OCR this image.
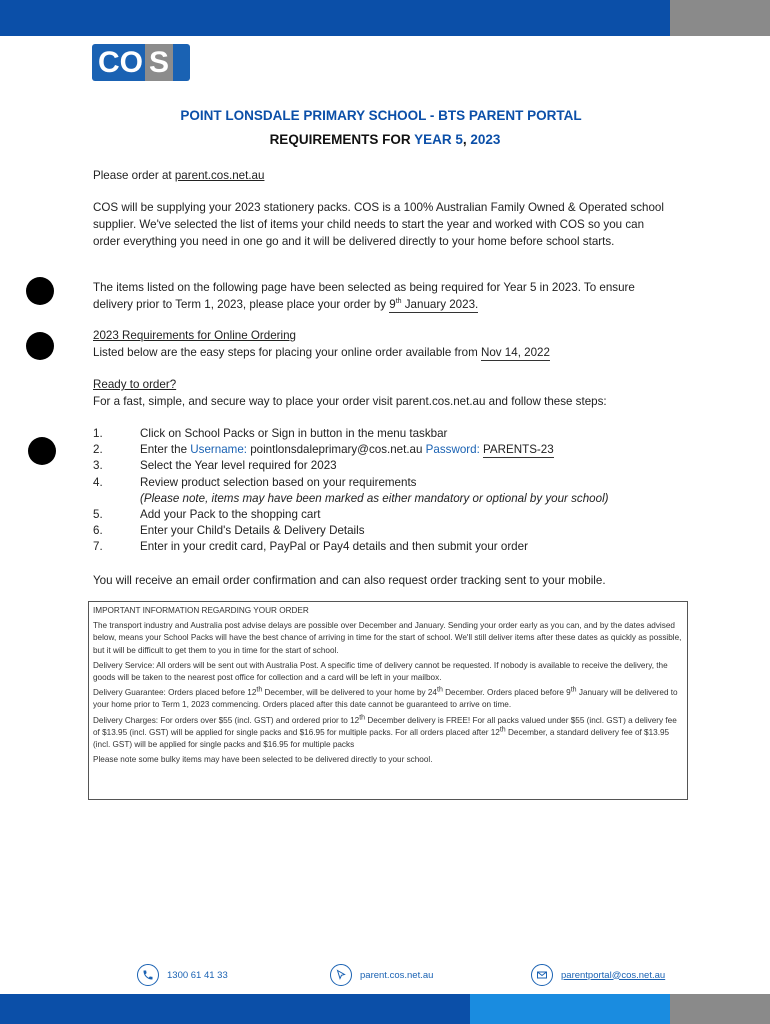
CO S
POINT LONSDALE PRIMARY SCHOOL - BTS PARENT PORTAL
REQUIREMENTS FOR YEAR 5, 2023
Please order at parent.cos.net.au
COS will be supplying your 2023 stationery packs. COS is a 100% Australian Family Owned & Operated school supplier. We've selected the list of items your child needs to start the year and worked with COS so you can order everything you need in one go and it will be delivered directly to your home before school starts.
The items listed on the following page have been selected as being required for Year 5 in 2023. To ensure delivery prior to Term 1, 2023, please place your order by 9th January 2023.
2023 Requirements for Online Ordering
Listed below are the easy steps for placing your online order available from Nov 14, 2022
Ready to order?
For a fast, simple, and secure way to place your order visit parent.cos.net.au and follow these steps:
1.	Click on School Packs or Sign in button in the menu taskbar
2.	Enter the Username: pointlonsdaleprimary@cos.net.au Password: PARENTS-23
3.	Select the Year level required for 2023
4.	Review product selection based on your requirements
(Please note, items may have been marked as either mandatory or optional by your school)
5.	Add your Pack to the shopping cart
6.	Enter your Child's Details & Delivery Details
7.	Enter in your credit card, PayPal or Pay4 details and then submit your order
You will receive an email order confirmation and can also request order tracking sent to your mobile.

IMPORTANT INFORMATION REGARDING YOUR ORDER

The transport industry and Australia post advise delays are possible over December and January. Sending your order early as you can, and by the dates advised below, means your School Packs will have the best chance of arriving in time for the start of school. We'll still deliver items after these dates as quickly as possible, but it will be difficult to get them to you in time for the start of school.

Delivery Service: All orders will be sent out with Australia Post. A specific time of delivery cannot be requested. If nobody is available to receive the delivery, the goods will be taken to the nearest post office for collection and a card will be left in your mailbox.

Delivery Guarantee: Orders placed before 12th December, will be delivered to your home by 24th December. Orders placed before 9th January will be delivered to your home prior to Term 1, 2023 commencing. Orders placed after this date cannot be guaranteed to arrive on time.

Delivery Charges: For orders over $55 (incl. GST) and ordered prior to 12th December delivery is FREE! For all packs valued under $55 (incl. GST) a delivery fee of $13.95 (incl. GST) will be applied for single packs and $16.95 for multiple packs. For all orders placed after 12th December, a standard delivery fee of $13.95 (incl. GST) will be applied for single packs and $16.95 for multiple packs

Please note some bulky items may have been selected to be delivered directly to your school.

1300 61 41 33	parent.cos.net.au	parentportal@cos.net.au
